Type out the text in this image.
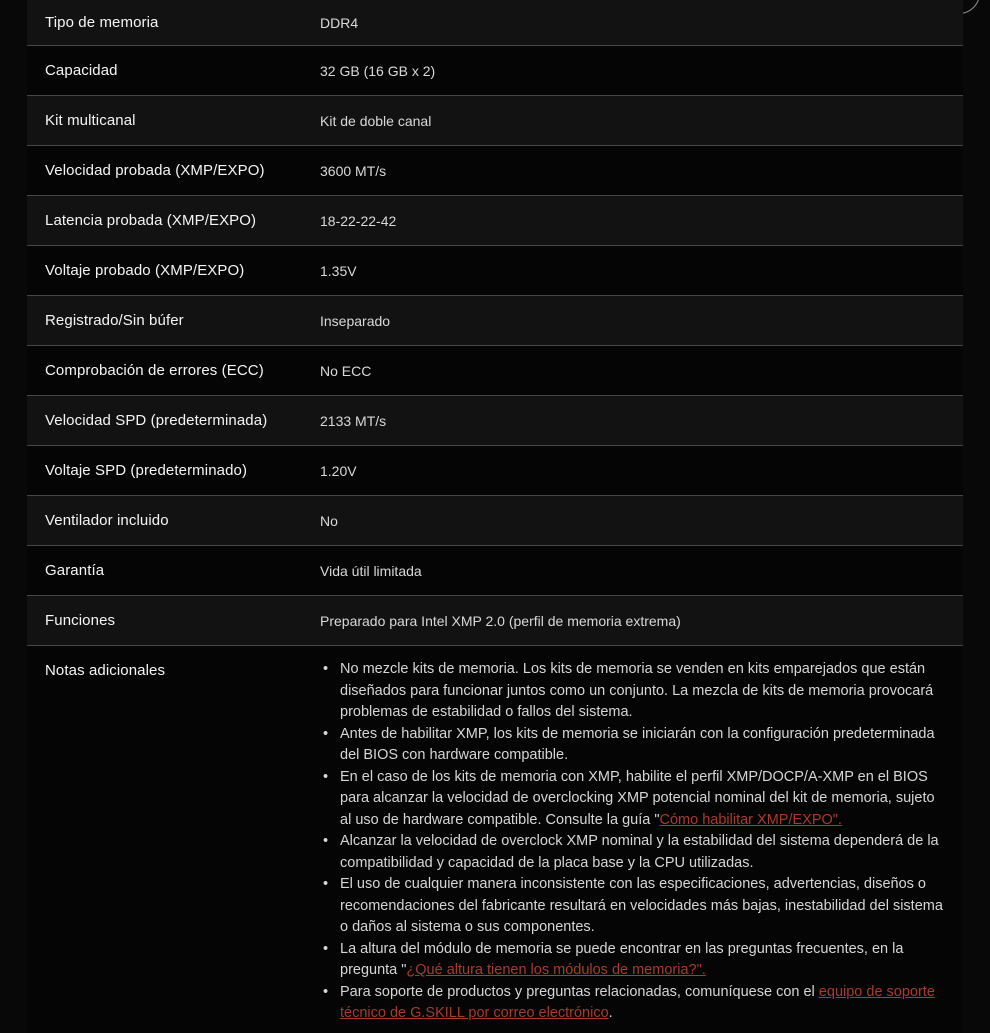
Tipo de memoria	DDR4
Capacidad	32 GB (16 GB x 2)
Kit multicanal	Kit de doble canal
Velocidad probada (XMP/EXPO)	3600 MT/s
Latencia probada (XMP/EXPO)	18-22-22-42
Voltaje probado (XMP/EXPO)	1.35V
Registrado/Sin búfer	Inseparado
Comprobación de errores (ECC)	No ECC
Velocidad SPD (predeterminada)	2133 MT/s
Voltaje SPD (predeterminado)	1.20V
Ventilador incluido	No
Garantía	Vida útil limitada
Funciones	Preparado para Intel XMP 2.0 (perfil de memoria extrema)
Notas adicionales	• No mezcle kits de memoria. Los kits de memoria se venden en kits emparejados que están diseñados para funcionar juntos como un conjunto. La mezcla de kits de memoria provocará problemas de estabilidad o fallos del sistema.
• Antes de habilitar XMP, los kits de memoria se iniciarán con la configuración predeterminada del BIOS con hardware compatible.
• En el caso de los kits de memoria con XMP, habilite el perfil XMP/DOCP/A-XMP en el BIOS para alcanzar la velocidad de overclocking XMP potencial nominal del kit de memoria, sujeto al uso de hardware compatible. Consulte la guía "Cómo habilitar XMP/EXPO".
• Alcanzar la velocidad de overclock XMP nominal y la estabilidad del sistema dependerá de la compatibilidad y capacidad de la placa base y la CPU utilizadas.
• El uso de cualquier manera inconsistente con las especificaciones, advertencias, diseños o recomendaciones del fabricante resultará en velocidades más bajas, inestabilidad del sistema o daños al sistema o sus componentes.
• La altura del módulo de memoria se puede encontrar en las preguntas frecuentes, en la pregunta "¿Qué altura tienen los módulos de memoria?".
• Para soporte de productos y preguntas relacionadas, comuníquese con el equipo de soporte técnico de G.SKILL por correo electrónico.
